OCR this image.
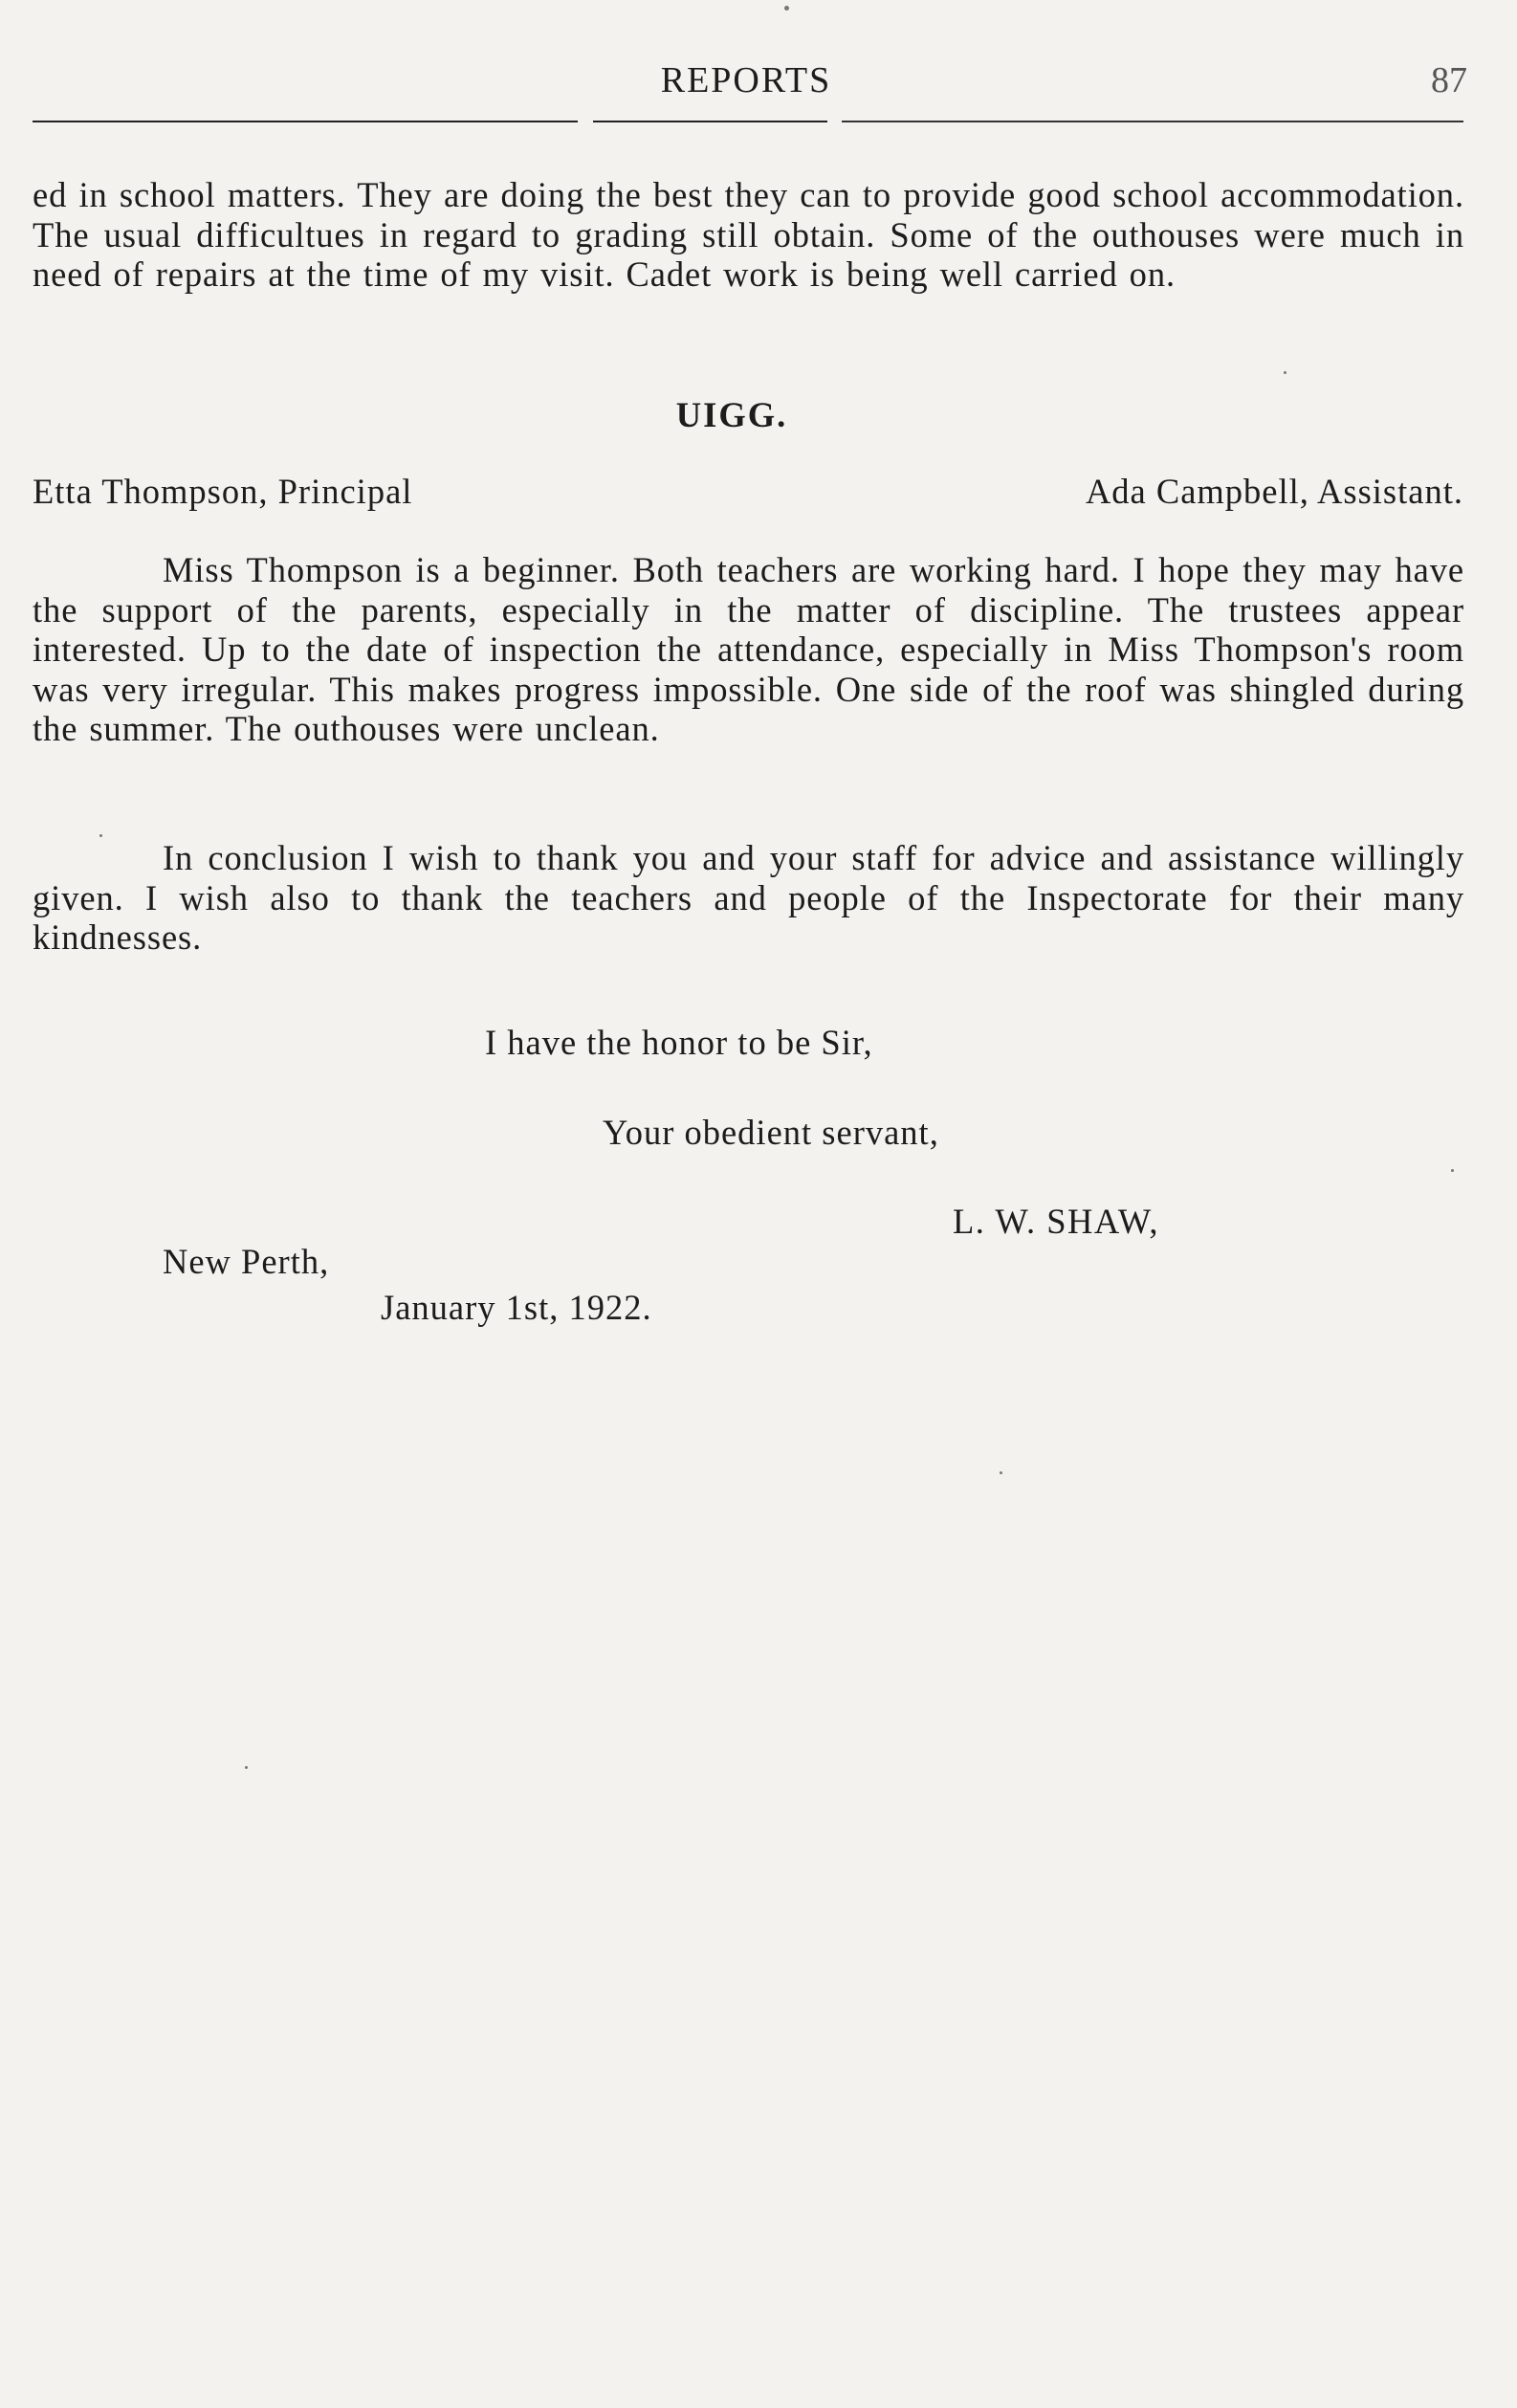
REPORTS	87

ed in school matters. They are doing the best they can to provide good school accommodation. The usual difficultues in regard to grading still obtain. Some of the outhouses were much in need of repairs at the time of my visit. Cadet work is being well carried on.

UIGG.
Etta Thompson, Principal	Ada Campbell, Assistant.

Miss Thompson is a beginner. Both teachers are working hard. I hope they may have the support of the parents, especially in the matter of discipline. The trustees appear interested. Up to the date of inspection the attendance, especially in Miss Thompson's room was very irregular. This makes progress impossible. One side of the roof was shingled during the summer. The outhouses were unclean.

In conclusion I wish to thank you and your staff for advice and assistance willingly given. I wish also to thank the teachers and people of the Inspectorate for their many kindnesses.

I have the honor to be Sir,
Your obedient servant,
L. W. SHAW,
New Perth,
January 1st, 1922.
